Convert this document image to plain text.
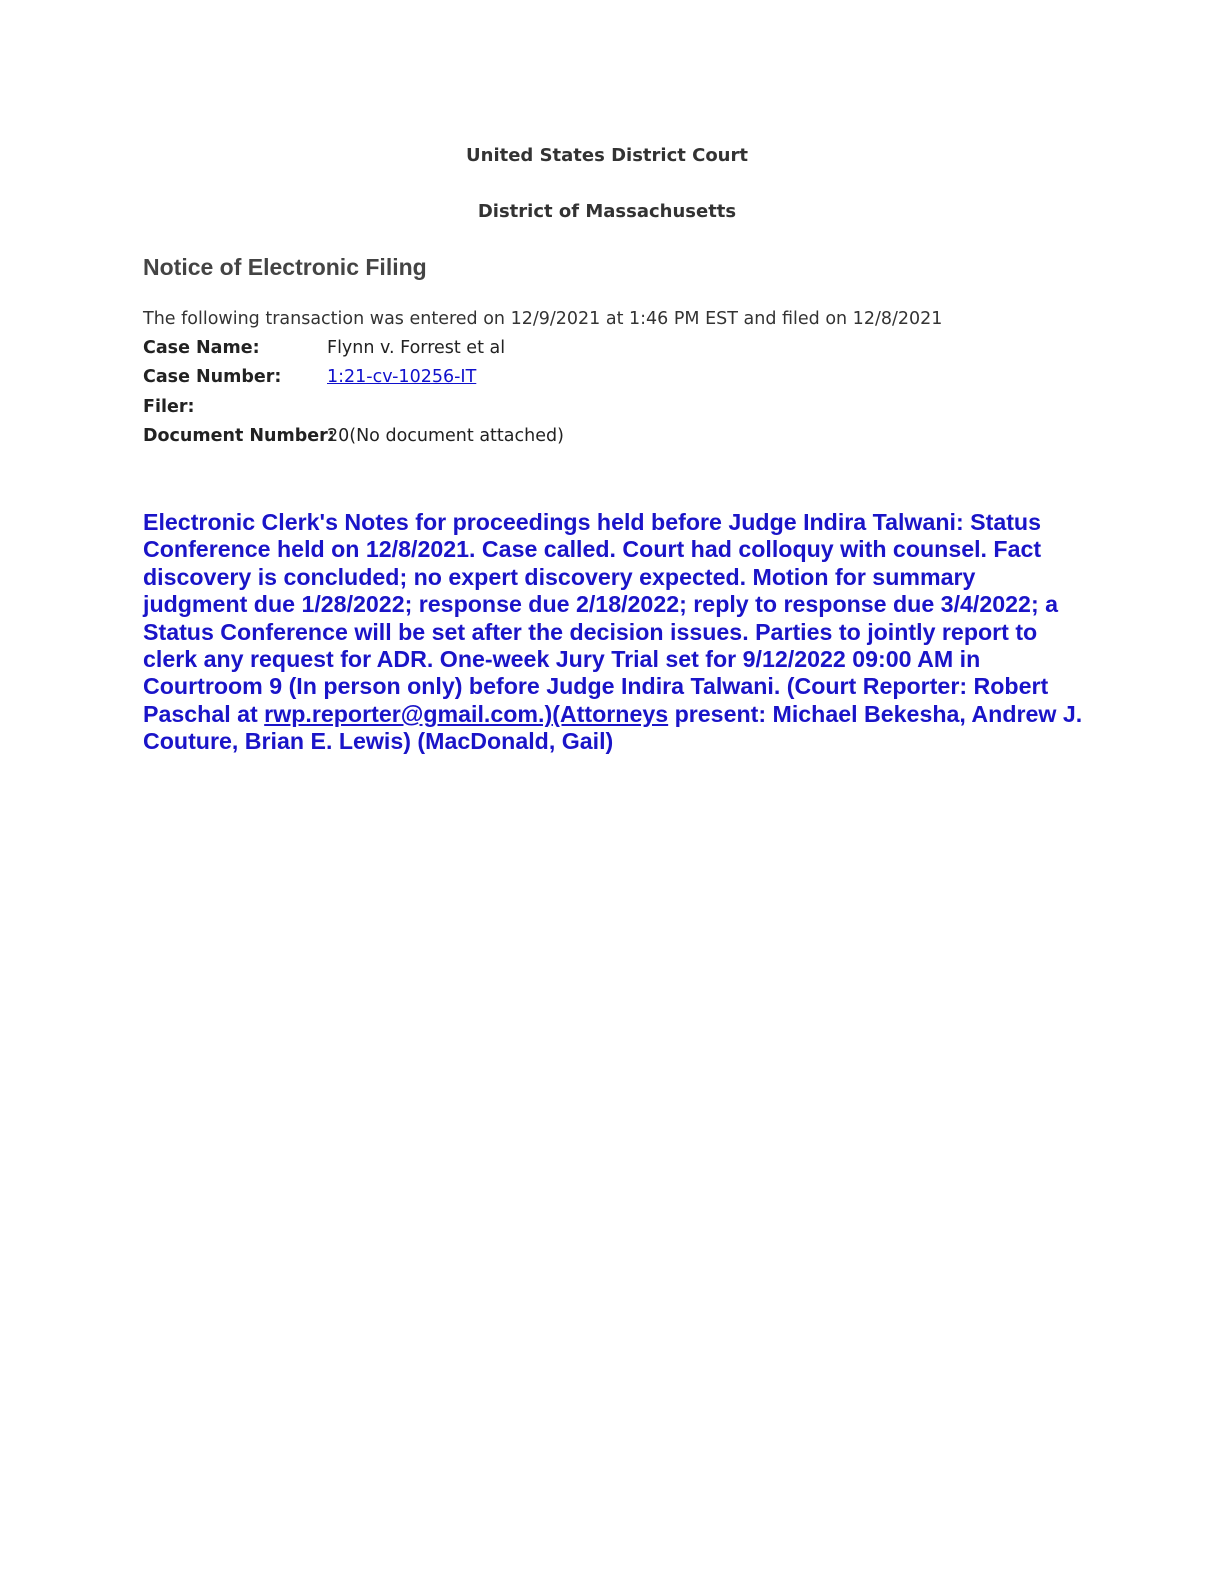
United States District Court
District of Massachusetts
Notice of Electronic Filing
The following transaction was entered on 12/9/2021 at 1:46 PM EST and filed on 12/8/2021
Case Name:	Flynn v. Forrest et al
Case Number:	1:21-cv-10256-IT
Filer:
Document Number:
20(No document attached)

Electronic Clerk's Notes for proceedings held before Judge Indira Talwani: Status Conference held on 12/8/2021. Case called. Court had colloquy with counsel. Fact discovery is concluded; no expert discovery expected. Motion for summary judgment due 1/28/2022; response due 2/18/2022; reply to response due 3/4/2022; a Status Conference will be set after the decision issues. Parties to jointly report to clerk any request for ADR. One-week Jury Trial set for 9/12/2022 09:00 AM in Courtroom 9 (In person only) before Judge Indira Talwani. (Court Reporter: Robert Paschal at rwp.reporter@gmail.com.)(Attorneys present: Michael Bekesha, Andrew J. Couture, Brian E. Lewis) (MacDonald, Gail)
